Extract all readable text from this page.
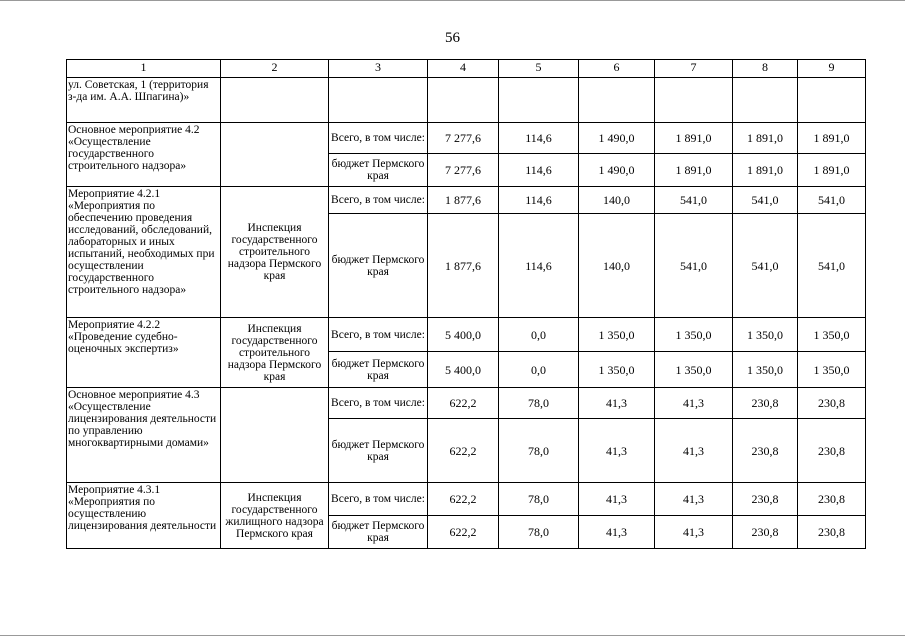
56
1	2	3	4	5	6	7	8	9
ул. Советская, 1 (территория з-да им. А.А. Шпагина)»								
Основное мероприятие 4.2 «Осуществление государственного строительного надзора»		Всего, в том числе:	7 277,6	114,6	1 490,0	1 891,0	1 891,0	1 891,0
		бюджет Пермского края	7 277,6	114,6	1 490,0	1 891,0	1 891,0	1 891,0
Мероприятие 4.2.1 «Мероприятия по обеспечению проведения исследований, обследований, лабораторных и иных испытаний, необходимых при осуществлении государственного строительного надзора»	Инспекция государственного строительного надзора Пермского края	Всего, в том числе:	1 877,6	114,6	140,0	541,0	541,0	541,0
		бюджет Пермского края	1 877,6	114,6	140,0	541,0	541,0	541,0
Мероприятие 4.2.2 «Проведение судебно-оценочных экспертиз»	Инспекция государственного строительного надзора Пермского края	Всего, в том числе:	5 400,0	0,0	1 350,0	1 350,0	1 350,0	1 350,0
		бюджет Пермского края	5 400,0	0,0	1 350,0	1 350,0	1 350,0	1 350,0
Основное мероприятие 4.3 «Осуществление лицензирования деятельности по управлению многоквартирными домами»		Всего, в том числе:	622,2	78,0	41,3	41,3	230,8	230,8
		бюджет Пермского края	622,2	78,0	41,3	41,3	230,8	230,8
Мероприятие 4.3.1 «Мероприятия по осуществлению лицензирования деятельности	Инспекция государственного жилищного надзора Пермского края	Всего, в том числе:	622,2	78,0	41,3	41,3	230,8	230,8
		бюджет Пермского края	622,2	78,0	41,3	41,3	230,8	230,8
